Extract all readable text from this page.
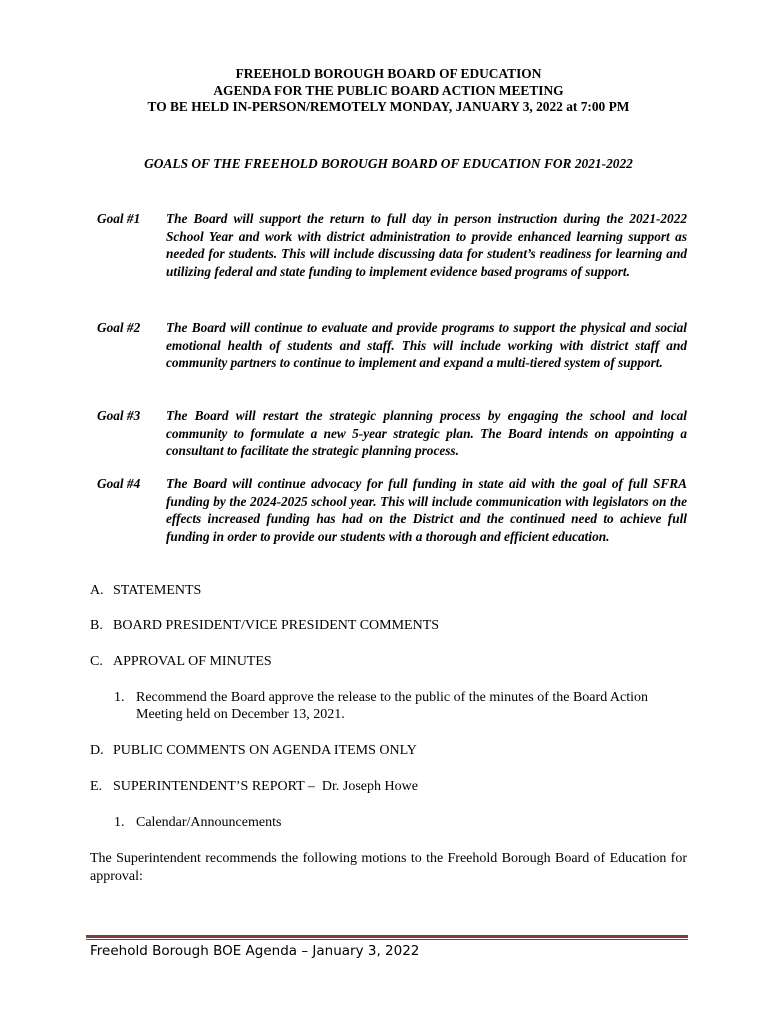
FREEHOLD BOROUGH BOARD OF EDUCATION
AGENDA FOR THE PUBLIC BOARD ACTION MEETING
TO BE HELD IN-PERSON/REMOTELY MONDAY, JANUARY 3, 2022 at 7:00 PM
GOALS OF THE FREEHOLD BOROUGH BOARD OF EDUCATION FOR 2021-2022
Goal #1	The Board will support the return to full day in person instruction during the 2021-2022 School Year and work with district administration to provide enhanced learning support as needed for students. This will include discussing data for student’s readiness for learning and utilizing federal and state funding to implement evidence based programs of support.
Goal #2	The Board will continue to evaluate and provide programs to support the physical and social emotional health of students and staff. This will include working with district staff and community partners to continue to implement and expand a multi-tiered system of support.
Goal #3	The Board will restart the strategic planning process by engaging the school and local community to formulate a new 5-year strategic plan. The Board intends on appointing a consultant to facilitate the strategic planning process.
Goal #4	The Board will continue advocacy for full funding in state aid with the goal of full SFRA funding by the 2024-2025 school year. This will include communication with legislators on the effects increased funding has had on the District and the continued need to achieve full funding in order to provide our students with a thorough and efficient education.
A. STATEMENTS
B. BOARD PRESIDENT/VICE PRESIDENT COMMENTS
C. APPROVAL OF MINUTES
1. Recommend the Board approve the release to the public of the minutes of the Board Action Meeting held on December 13, 2021.
D. PUBLIC COMMENTS ON AGENDA ITEMS ONLY
E. SUPERINTENDENT’S REPORT –  Dr. Joseph Howe
1. Calendar/Announcements
The Superintendent recommends the following motions to the Freehold Borough Board of Education for approval:
Freehold Borough BOE Agenda – January 3, 2022
